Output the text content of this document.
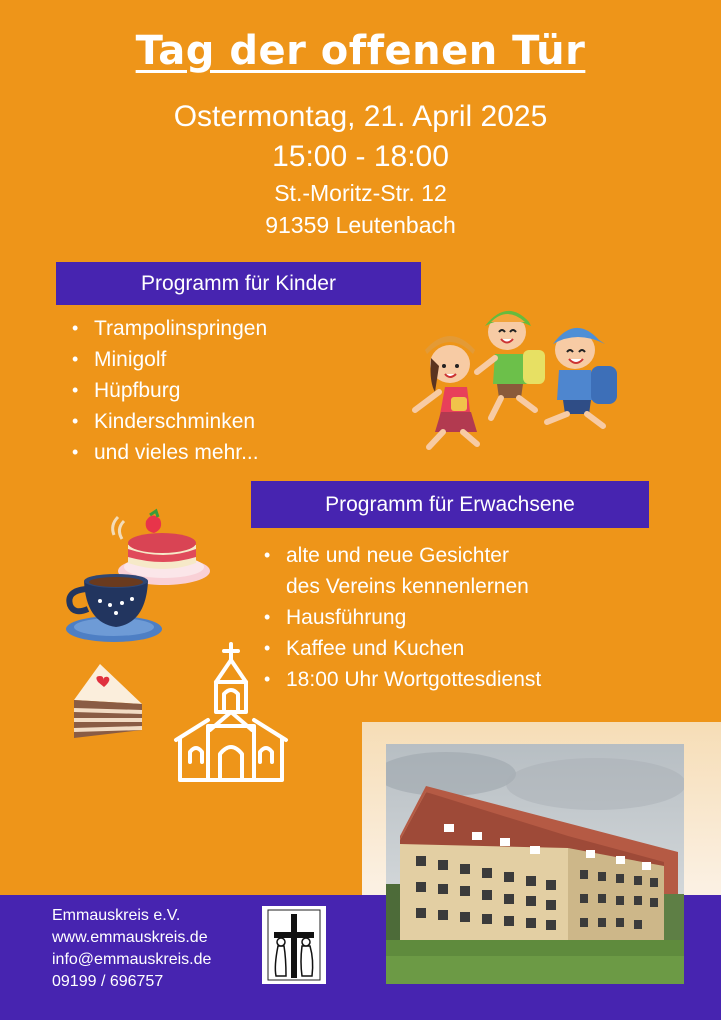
Tag der offenen Tür
Ostermontag, 21. April 2025
15:00 - 18:00
St.-Moritz-Str. 12
91359 Leutenbach
Programm für Kinder
• Trampolinspringen
• Minigolf
• Hüpfburg
• Kinderschminken
• und vieles mehr...
Programm für Erwachsene
• alte und neue Gesichter
des Vereins kennenlernen
• Hausführung
• Kaffee und Kuchen
• 18:00 Uhr Wortgottesdienst
Emmauskreis e.V.
www.emmauskreis.de
info@emmauskreis.de
09199 / 696757
